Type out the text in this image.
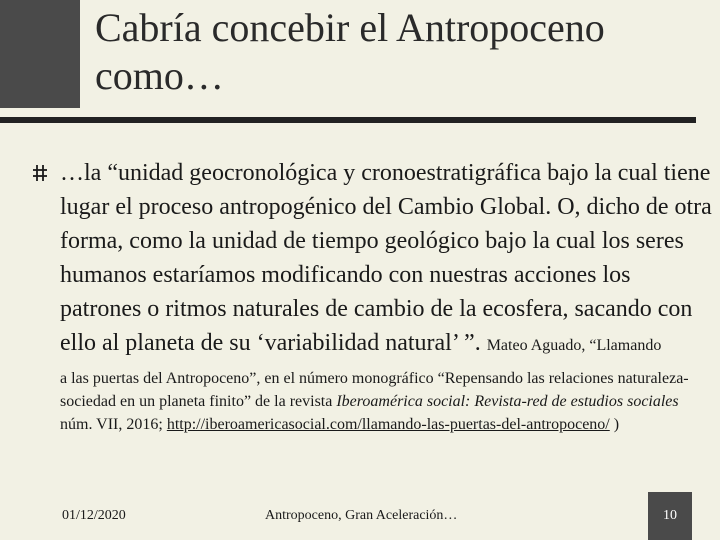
Cabría concebir el Antropoceno como…
…la “unidad geocronológica y cronoestratigráfica bajo la cual tiene lugar el proceso antropogénico del Cambio Global. O, dicho de otra forma, como la unidad de tiempo geológico bajo la cual los seres humanos estaríamos modificando con nuestras acciones los patrones o ritmos naturales de cambio de la ecosfera, sacando con ello al planeta de su ‘variabilidad natural’ ”. Mateo Aguado, “Llamando
a las puertas del Antropoceno”, en el número monográfico “Repensando las relaciones naturaleza-sociedad en un planeta finito” de la revista Iberoamérica social: Revista-red de estudios sociales núm. VII, 2016; http://iberoamericasocial.com/llamando-las-puertas-del-antropoceno/ )
01/12/2020	Antropoceno, Gran Aceleración…	10
